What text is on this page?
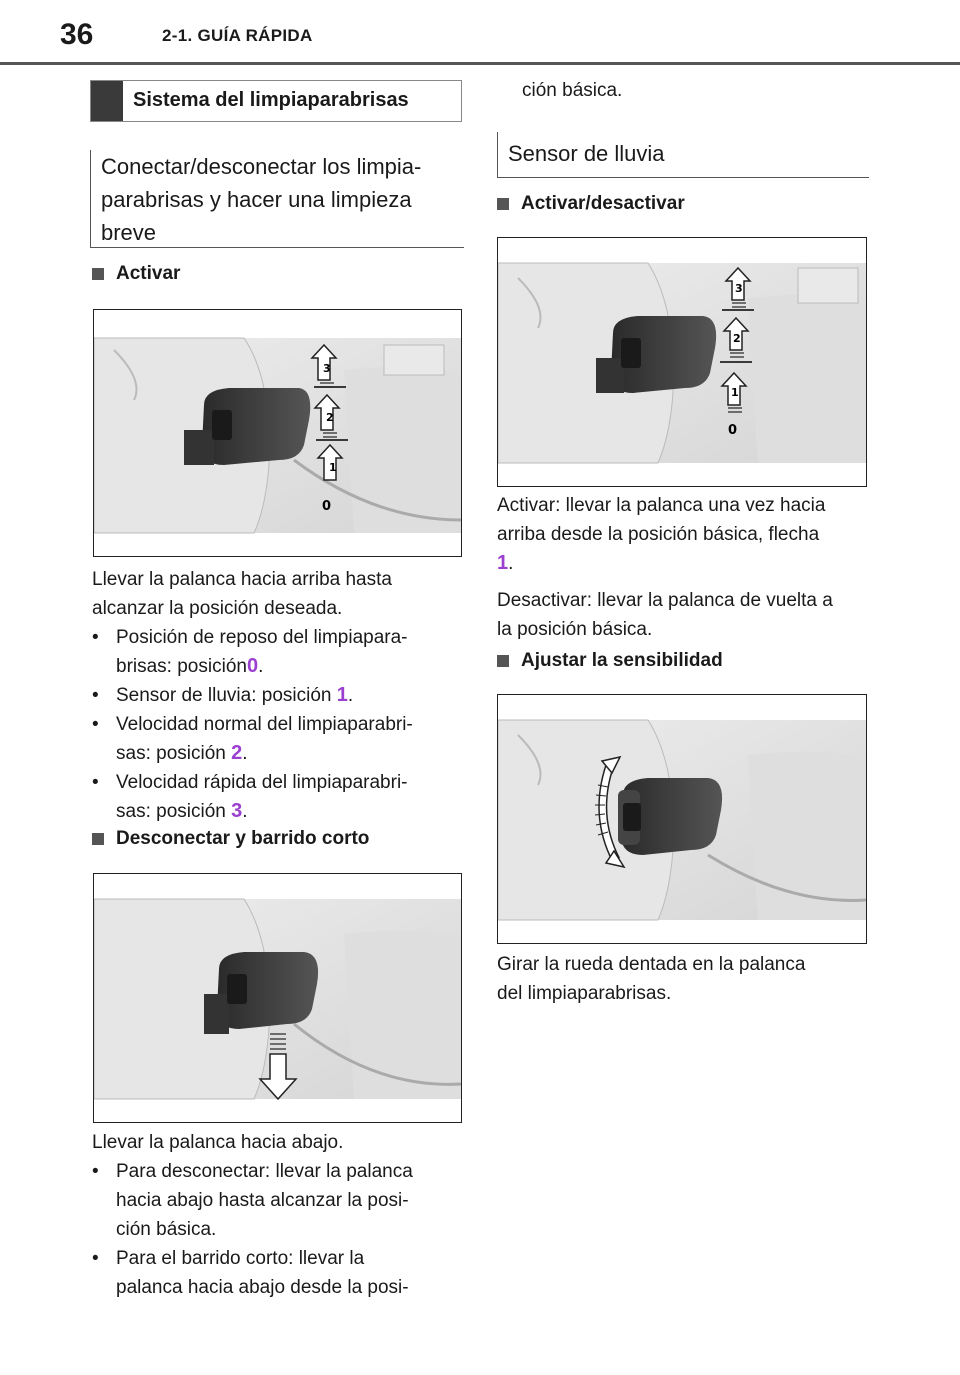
36	2-1. GUÍA RÁPIDA
Sistema del limpiaparabrisas
Conectar/desconectar los limpia-
parabrisas y hacer una limpieza
breve
Activar
3
2
1
0
Llevar la palanca hacia arriba hasta
alcanzar la posición deseada.
• Posición de reposo del limpiapara-
brisas: posición0.
• Sensor de lluvia: posición 1.
• Velocidad normal del limpiaparabri-
sas: posición 2.
• Velocidad rápida del limpiaparabri-
sas: posición 3.
Desconectar y barrido corto
Llevar la palanca hacia abajo.
• Para desconectar: llevar la palanca
hacia abajo hasta alcanzar la posi-
ción básica.
• Para el barrido corto: llevar la
palanca hacia abajo desde la posi-
ción básica.
Sensor de lluvia
Activar/desactivar
3
2
1
0
Activar: llevar la palanca una vez hacia
arriba desde la posición básica, flecha
1.
Desactivar: llevar la palanca de vuelta a
la posición básica.
Ajustar la sensibilidad
Girar la rueda dentada en la palanca
del limpiaparabrisas.
